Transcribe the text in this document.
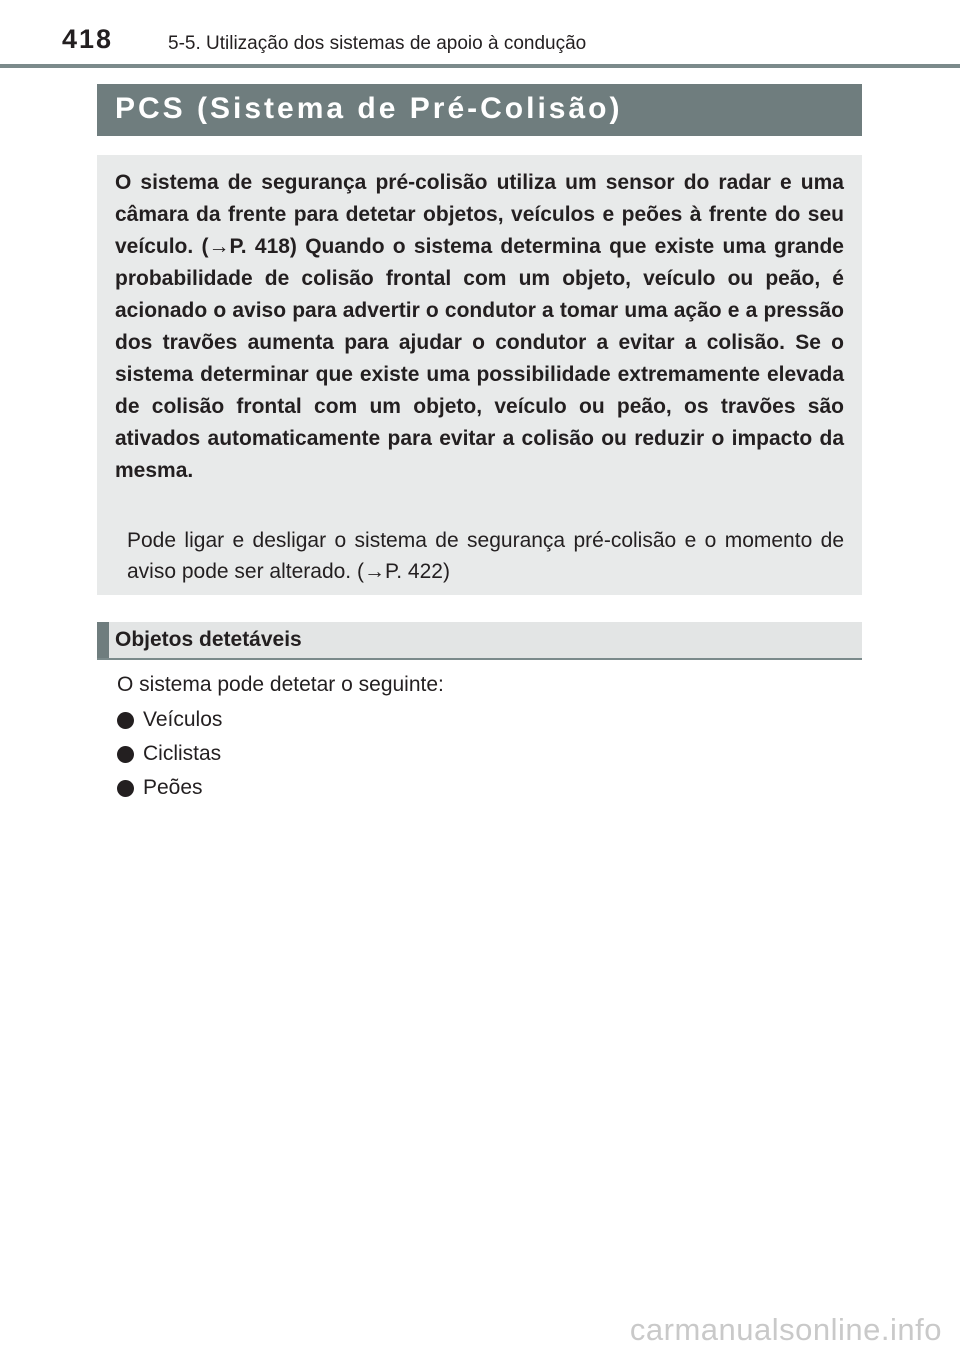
418	5-5. Utilização dos sistemas de apoio à condução
PCS (Sistema de Pré-Colisão)
O sistema de segurança pré-colisão utiliza um sensor do radar e uma câmara da frente para detetar objetos, veículos e peões à frente do seu veículo. (→P. 418) Quando o sistema determina que existe uma grande probabilidade de colisão frontal com um objeto, veículo ou peão, é acionado o aviso para advertir o condutor a tomar uma ação e a pressão dos travões aumenta para ajudar o condutor a evitar a colisão. Se o sistema determinar que existe uma possibilidade extremamente elevada de colisão frontal com um objeto, veículo ou peão, os travões são ativados automaticamente para evitar a colisão ou reduzir o impacto da mesma.
Pode ligar e desligar o sistema de segurança pré-colisão e o momento de aviso pode ser alterado. (→P. 422)
Objetos detetáveis
O sistema pode detetar o seguinte:
Veículos
Ciclistas
Peões
carmanualsonline.info
